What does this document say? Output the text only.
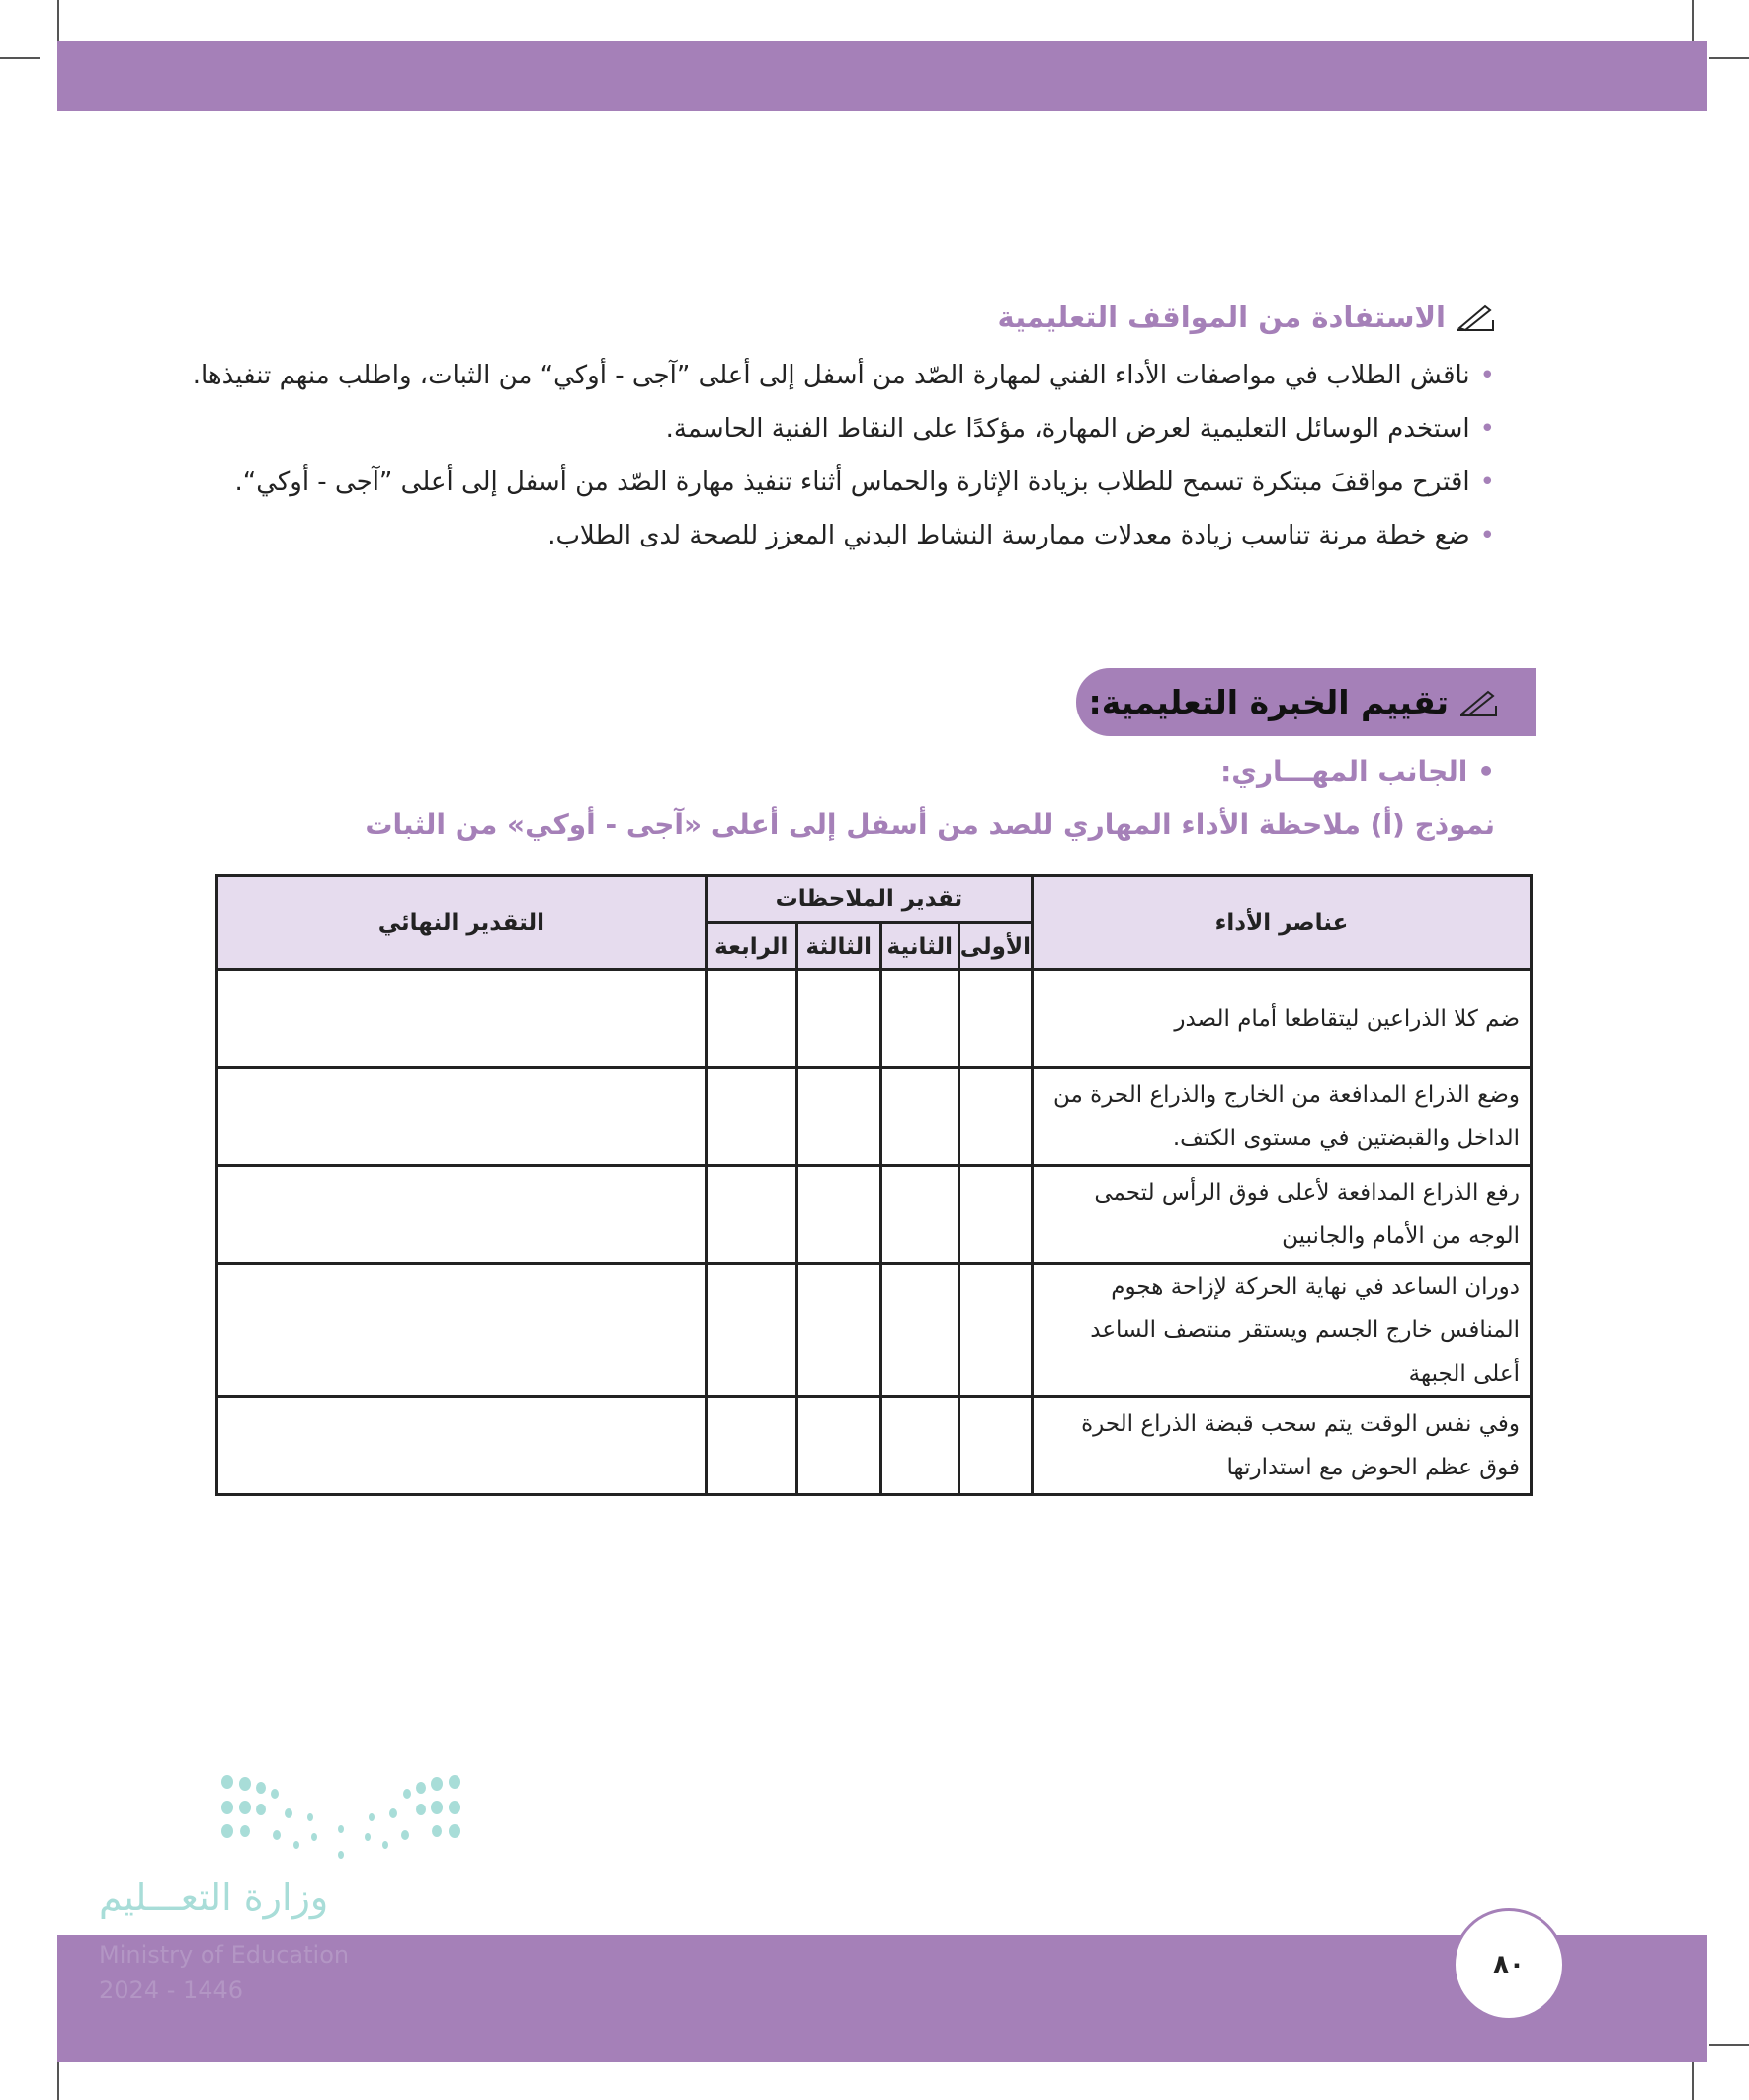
الاستفادة من المواقف التعليمية
• ناقش الطلاب في مواصفات الأداء الفني لمهارة الصّد من أسفل إلى أعلى ”آجى - أوكي“ من الثبات، واطلب منهم تنفيذها.
• استخدم الوسائل التعليمية لعرض المهارة، مؤكدًا على النقاط الفنية الحاسمة.
• اقترح مواقفَ مبتكرة تسمح للطلاب بزيادة الإثارة والحماس أثناء تنفيذ مهارة الصّد من أسفل إلى أعلى ”آجى - أوكي“.
• ضع خطة مرنة تناسب زيادة معدلات ممارسة النشاط البدني المعزز للصحة لدى الطلاب.
تقييم الخبرة التعليمية:
• الجانب المهـــاري:
نموذج (أ) ملاحظة الأداء المهاري للصد من أسفل إلى أعلى «آجى - أوكي» من الثبات
عناصر الأداء	تقدير الملاحظات				التقدير النهائي
	الأولى	الثانية	الثالثة	الرابعة	
ضم كلا الذراعين ليتقاطعا أمام الصدر					
وضع الذراع المدافعة من الخارج والذراع الحرة من الداخل والقبضتين في مستوى الكتف.					
رفع الذراع المدافعة لأعلى فوق الرأس لتحمى الوجه من الأمام والجانبين					
دوران الساعد في نهاية الحركة لإزاحة هجوم المنافس خارج الجسم ويستقر منتصف الساعد أعلى الجبهة					
وفي نفس الوقت يتم سحب قبضة الذراع الحرة فوق عظم الحوض مع استدارتها					
وزارة التعـــليم
Ministry of Education
2024 - 1446
٨٠
